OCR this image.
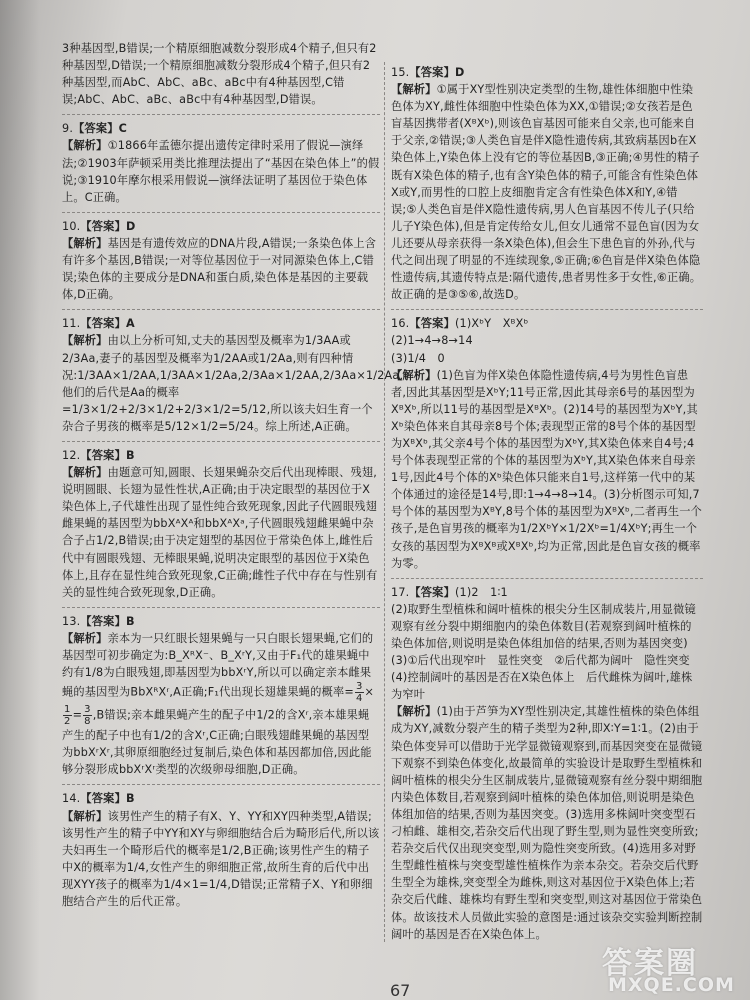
3种基因型,B错误;一个精原细胞减数分裂形成4个精子,但只有2种基因型,D错误;一个精原细胞减数分裂形成4个精子,但只有2种基因型,而AbC、AbC、aBc、aBc中有4种基因型,C错误;AbC、AbC、aBc、aBc中有4种基因型,D错误。
9.【答案】C
【解析】①1866年孟德尔提出遗传定律时采用了假说—演绎法;②1903年萨顿采用类比推理法提出了“基因在染色体上”的假说;③1910年摩尔根采用假说—演绎法证明了基因位于染色体上。C正确。
10.【答案】D
【解析】基因是有遗传效应的DNA片段,A错误;一条染色体上含有许多个基因,B错误;一对等位基因位于一对同源染色体上,C错误;染色体的主要成分是DNA和蛋白质,染色体是基因的主要载体,D正确。
11.【答案】A
【解析】由以上分析可知,丈夫的基因型及概率为1/3AA或2/3Aa,妻子的基因型及概率为1/2AA或1/2Aa,则有四种情况:1/3AA×1/2AA,1/3AA×1/2Aa,2/3Aa×1/2AA,2/3Aa×1/2Aa,他们的后代是Aa的概率=1/3×1/2+2/3×1/2+2/3×1/2=5/12,所以该夫妇生育一个杂合子男孩的概率是5/12×1/2=5/24。综上所述,A正确。
12.【答案】B
【解析】由题意可知,圆眼、长翅果蝇杂交后代出现棒眼、残翅,说明圆眼、长翅为显性性状,A正确;由于决定眼型的基因位于X染色体上,子代雄性出现了显性纯合致死现象,因此子代圆眼残翅雌果蝇的基因型为bbXᴬXᴬ和bbXᴬXᵃ,子代圆眼残翅雌果蝇中杂合子占1/2,B错误;由于决定翅型的基因位于常染色体上,雌性后代中有圆眼残翅、无棒眼果蝇,说明决定眼型的基因位于X染色体上,且存在显性纯合致死现象,C正确;雌性子代中存在与性别有关的显性纯合致死现象,D正确。
13.【答案】B
【解析】亲本为一只红眼长翅果蝇与一只白眼长翅果蝇,它们的基因型可初步确定为:B_XᴿX⁻、B_XʳY,又由于F₁代的雄果蝇中约有1/8为白眼残翅,即基因型为bbXʳY,所以可以确定亲本雌果蝇的基因型为BbXᴿXʳ,A正确;F₁代出现长翅雄果蝇的概率= $\frac{3}{4}$ ×
$\frac{1}{2} = \frac{3}{8} ,B$错误;亲本雌果蝇产生的配子中1/2的含Xʳ,亲本雄果蝇产生的配子中也有1/2的含Xʳ,C正确;白眼残翅雌果蝇的基因型为bbXʳXʳ,其卵原细胞经过复制后,染色体和基因都加倍,因此能够分裂形成bbXʳXʳ类型的次级卵母细胞,D正确。
14.【答案】B
【解析】该男性产生的精子有X、Y、YY和XY四种类型,A错误;该男性产生的精子中YY和XY与卵细胞结合后为畸形后代,所以该夫妇再生一个畸形后代的概率是1/2,B正确;该男性产生的精子中X的概率为1/4,女性产生的卵细胞正常,故所生育的后代中出现XYY孩子的概率为1/4×1=1/4,D错误;正常精子X、Y和卵细胞结合产生的后代正常。
15.【答案】D
【解析】①属于XY型性别决定类型的生物,雄性体细胞中性染色体为XY,雌性体细胞中性染色体为XX,①错误;②女孩若是色盲基因携带者(XᴮXᵇ),则该色盲基因可能来自父亲,也可能来自于父亲,②错误;③人类色盲是伴X隐性遗传病,其致病基因b在X染色体上,Y染色体上没有它的等位基因B,③正确;④男性的精子既有X染色体的精子,也有含Y染色体的精子,可能含有性染色体X或Y,而男性的口腔上皮细胞肯定含有性染色体X和Y,④错误;⑤人类色盲是伴X隐性遗传病,男人色盲基因不传儿子(只给儿子Y染色体),但是肯定传给女儿,但女儿通常不显色盲(因为女儿还要从母亲获得一条X染色体),但会生下患色盲的外孙,代与代之间出现了明显的不连续现象,⑤正确;⑥色盲是伴X染色体隐性遗传病,其遗传特点是:隔代遗传,患者男性多于女性,⑥正确。故正确的是③⑤⑥,故选D。
16.【答案】(1)XᵇY　XᴮXᵇ
(2)1→4→8→14
(3)1/4　0
【解析】(1)色盲为伴X染色体隐性遗传病,4号为男性色盲患者,因此其基因型是XᵇY;11号正常,因此其母亲6号的基因型为XᴮXᵇ,所以11号的基因型是XᴮXᵇ。(2)14号的基因型为XᵇY,其Xᵇ染色体来自其母亲8号个体;表现型正常的8号个体的基因型为XᴮXᵇ,其父亲4号个体的基因型为XᵇY,其X染色体来自4号;4号个体表现型正常的个体的基因型为XᵇY,其X染色体来自母亲1号,因此4号个体的Xᵇ染色体只能来自1号,这样第一代中的某个体通过的途径是14号,即:1→4→8→14。(3)分析图示可知,7号个体的基因型为XᴮY,8号个体的基因型为XᴮXᵇ,二者再生一个孩子,是色盲男孩的概率为1/2XᵇY×1/2Xᵇ=1/4XᵇY;再生一个女孩的基因型为XᴮXᴮ或XᴮXᵇ,均为正常,因此是色盲女孩的概率为零。
17.【答案】(1)2　1∶1
(2)取野生型植株和阔叶植株的根尖分生区制成装片,用显微镜观察有丝分裂中期细胞内的染色体数目(若观察到阔叶植株的染色体加倍,则说明是染色体组加倍的结果,否则为基因突变)
(3)①后代出现窄叶　显性突变　②后代都为阔叶　隐性突变
(4)控制阔叶的基因是否在X染色体上　后代雌株为阔叶,雄株为窄叶
【解析】(1)由于芦笋为XY型性别决定,其雄性植株的染色体组成为XY,减数分裂产生的精子类型为2种,即X∶Y=1∶1。(2)由于染色体变异可以借助于光学显微镜观察到,而基因突变在显微镜下观察不到染色体变化,故最简单的实验设计是取野生型植株和阔叶植株的根尖分生区制成装片,显微镜观察有丝分裂中期细胞内染色体数目,若观察到阔叶植株的染色体加倍,则说明是染色体组加倍的结果,否则为基因突变。(3)选用多株阔叶突变型石刁柏雌、雄相交,若杂交后代出现了野生型,则为显性突变所致;若杂交后代仅出现突变型,则为隐性突变所致。(4)选用多对野生型雌性植株与突变型雄性植株作为亲本杂交。若杂交后代野生型全为雄株,突变型全为雌株,则这对基因位于X染色体上;若杂交后代雌、雄株均有野生型和突变型,则这对基因位于常染色体。故该技术人员做此实验的意图是:通过该杂交实验判断控制阔叶的基因是否在X染色体上。
67
答案圈
MXQE.COM
